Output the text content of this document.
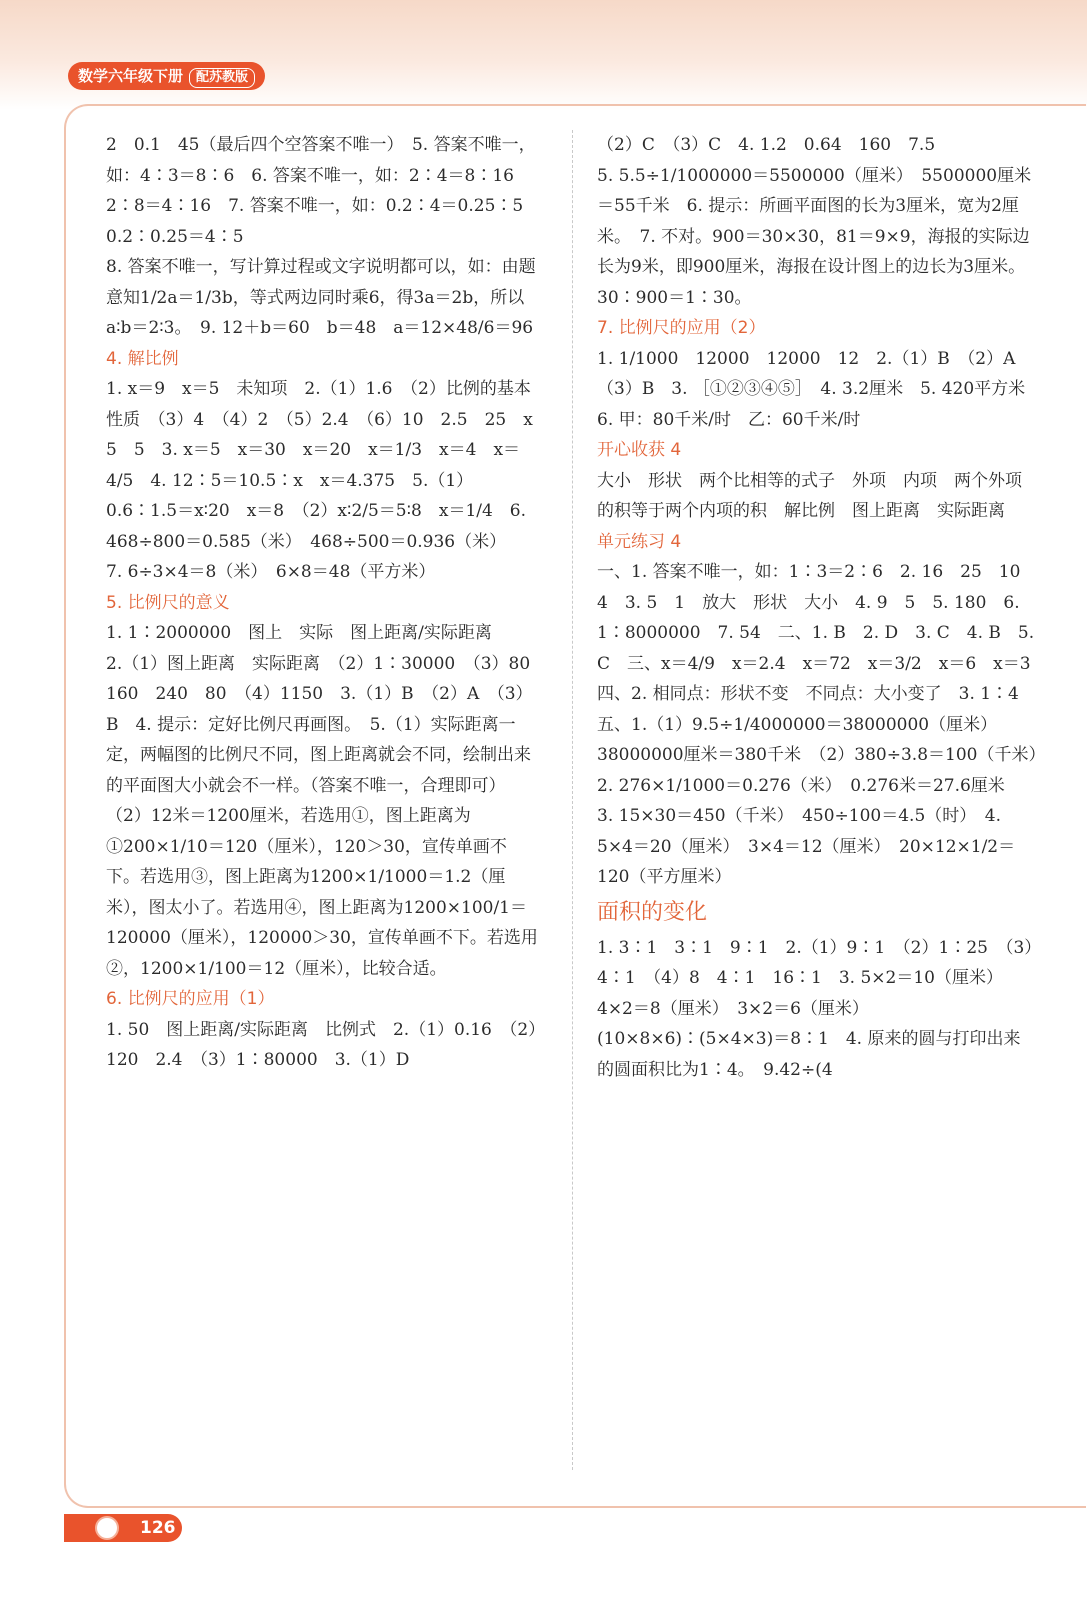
数学六年级下册 配苏教版

2　0.1　45（最后四个空答案不唯一）　5. 答案不唯一，如：4∶3＝8∶6　6. 答案不唯一，如：2∶4＝8∶16　2∶8＝4∶16　7. 答案不唯一，如：0.2∶4＝0.25∶5　0.2∶0.25＝4∶5

8. 答案不唯一，写计算过程或文字说明都可以，如：由题意知1/2a＝1/3b，等式两边同时乘6，得3a＝2b，所以a∶b＝2∶3。　9. 12＋b＝60　b＝48　a＝12×48/6＝96

4. 解比例

1. x＝9　x＝5　未知项　2.（1）1.6　（2）比例的基本性质　（3）4　（4）2　（5）2.4　（6）10　2.5　25　x　5　5　3. x＝5　x＝30　x＝20　x＝1/3　x＝4　x＝4/5　4. 12∶5＝10.5∶x　x＝4.375　5.（1）0.6∶1.5＝x∶20　x＝8　（2）x∶2/5＝5∶8　x＝1/4　6. 468÷800＝0.585（米）　468÷500＝0.936（米）

7. 6÷3×4＝8（米）　6×8＝48（平方米）

5. 比例尺的意义

1. 1∶2000000　图上　实际　图上距离/实际距离

2.（1）图上距离　实际距离　（2）1∶30000　（3）80　160　240　80　（4）1150　3.（1）B　（2）A　（3）B　4. 提示：定好比例尺再画图。　5.（1）实际距离一定，两幅图的比例尺不同，图上距离就会不同，绘制出来的平面图大小就会不一样。（答案不唯一，合理即可）

（2）12米＝1200厘米，若选用①，图上距离为①200×1/10＝120（厘米），120＞30，宣传单画不下。若选用③，图上距离为1200×1/1000＝1.2（厘米），图太小了。若选用④，图上距离为1200×100/1＝120000（厘米），120000＞30，宣传单画不下。若选用②，1200×1/100＝12（厘米），比较合适。

6. 比例尺的应用（1）

1. 50　图上距离/实际距离　比例式　2.（1）0.16　（2）120　2.4　（3）1∶80000　3.（1）D

（2）C　（3）C　4. 1.2　0.64　160　7.5

5. 5.5÷1/1000000＝5500000（厘米）　5500000厘米＝55千米　6. 提示：所画平面图的长为3厘米，宽为2厘米。　7. 不对。900＝30×30，81＝9×9，海报的实际边长为9米，即900厘米，海报在设计图上的边长为3厘米。30∶900＝1∶30。

7. 比例尺的应用（2）

1. 1/1000　12000　12000　12　2.（1）B　（2）A　（3）B　3. ［①②③④⑤］　4. 3.2厘米　5. 420平方米　6. 甲：80千米/时　乙：60千米/时

开心收获 4

大小　形状　两个比相等的式子　外项　内项　两个外项的积等于两个内项的积　解比例　图上距离　实际距离

单元练习 4

一、1. 答案不唯一，如：1∶3＝2∶6　2. 16　25　10　4　3. 5　1　放大　形状　大小　4. 9　5　5. 180　6. 1∶8000000　7. 54　二、1. B　2. D　3. C　4. B　5. C　三、x＝4/9　x＝2.4　x＝72　x＝3/2　x＝6　x＝3　四、2. 相同点：形状不变　不同点：大小变了　3. 1∶4

五、1.（1）9.5÷1/4000000＝38000000（厘米）　38000000厘米＝380千米　（2）380÷3.8＝100（千米）　2. 276×1/1000＝0.276（米）　0.276米＝27.6厘米　3. 15×30＝450（千米）　450÷100＝4.5（时）　4. 5×4＝20（厘米）　3×4＝12（厘米）　20×12×1/2＝120（平方厘米）

面积的变化

1. 3∶1　3∶1　9∶1　2.（1）9∶1　（2）1∶25　（3）4∶1　（4）8　4∶1　16∶1　3. 5×2＝10（厘米）　4×2＝8（厘米）　3×2＝6（厘米）　(10×8×6)∶(5×4×3)＝8∶1　4. 原来的圆与打印出来的圆面积比为1∶4。　9.42÷(4

126
